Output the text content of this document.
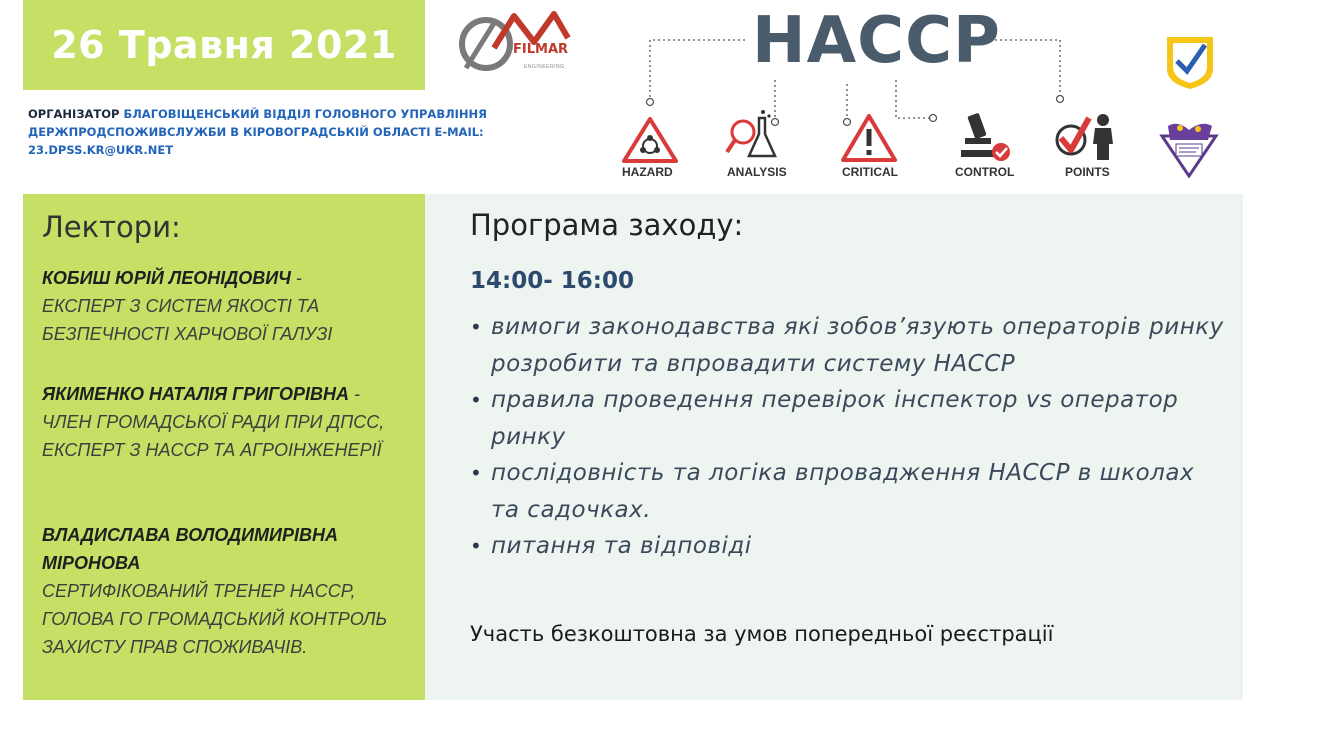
26 Травня 2021
ОРГАНІЗАТОР БЛАГОВІЩЕНСЬКИЙ ВІДДІЛ ГОЛОВНОГО УПРАВЛІННЯ ДЕРЖПРОДСПОЖИВСЛУЖБИ В КІРОВОГРАДСЬКІЙ ОБЛАСТІ E-MAIL: 23.DPSS.KR@UKR.NET
FILMAR
ENGINEERING
HAZARD	ANALYSIS	CRITICAL	CONTROL	POINTS
HACCP
Лектори:
КОБИШ ЮРІЙ ЛЕОНІДОВИЧ -
ЕКСПЕРТ З СИСТЕМ ЯКОСТІ ТА БЕЗПЕЧНОСТІ ХАРЧОВОЇ ГАЛУЗІ
ЯКИМЕНКО НАТАЛІЯ ГРИГОРІВНА -
ЧЛЕН ГРОМАДСЬКОЇ РАДИ ПРИ ДПСС, ЕКСПЕРТ З HACCP ТА АГРОІНЖЕНЕРІЇ
ВЛАДИСЛАВА ВОЛОДИМИРІВНА МІРОНОВА
СЕРТИФІКОВАНИЙ ТРЕНЕР HACCP, ГОЛОВА ГО ГРОМАДСЬКИЙ КОНТРОЛЬ ЗАХИСТУ ПРАВ СПОЖИВАЧІВ.
Програма заходу:
14:00- 16:00
• вимоги законодавства які зобов’язують операторів ринку розробити та впровадити систему HACCP
• правила проведення перевірок інспектор vs оператор ринку
• послідовність та логіка впровадження HACCP в школах та садочках.
• питання та відповіді
Участь безкоштовна за умов попередньої реєстрації
